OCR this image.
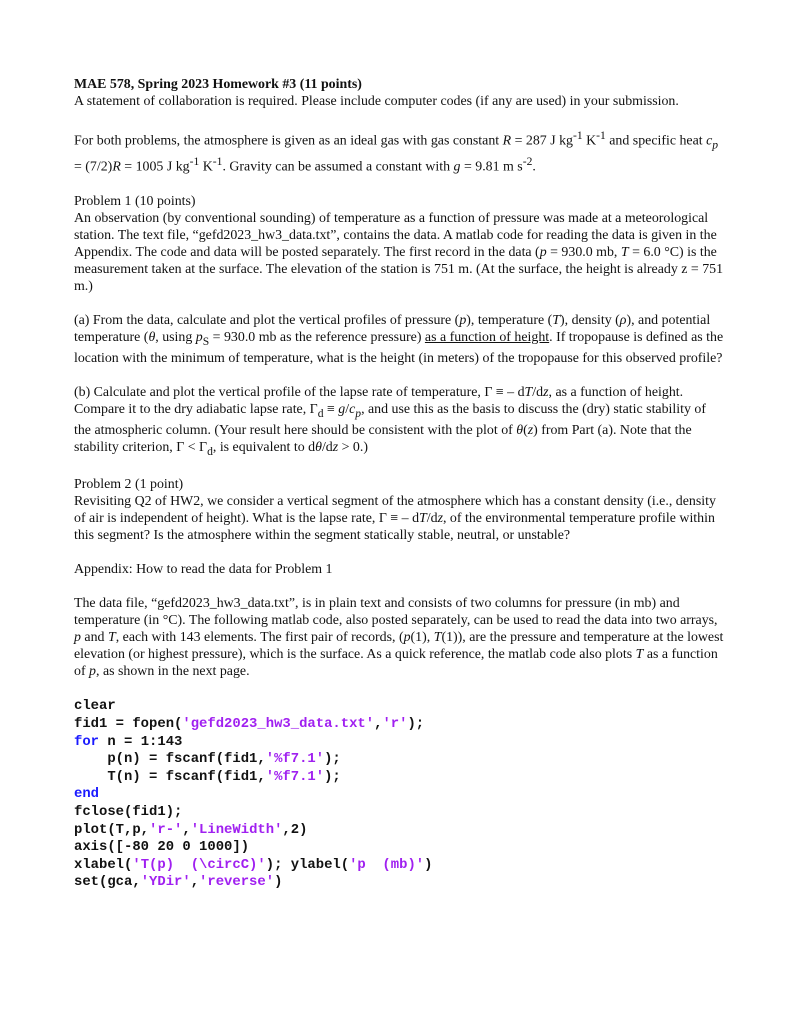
MAE 578, Spring 2023 Homework #3 (11 points)

A statement of collaboration is required. Please include computer codes (if any are used) in your submission.

For both problems, the atmosphere is given as an ideal gas with gas constant R = 287 J $kg^{-1}$ $K^{-1}$ and specific heat $c_p = (7/2)R = 1005$ J $kg^{-1}$ $K^{-1}$. Gravity can be assumed a constant with g = 9.81 m $s^{-2}$.

Problem 1 (10 points)

An observation (by conventional sounding) of temperature as a function of pressure was made at a meteorological station. The text file, “gefd2023_hw3_data.txt”, contains the data. A matlab code for reading the data is given in the Appendix. The code and data will be posted separately. The first record in the data (p = 930.0 mb, T = 6.0 °C) is the measurement taken at the surface. The elevation of the station is 751 m. (At the surface, the height is already z = 751 m.)

(a) From the data, calculate and plot the vertical profiles of pressure (p), temperature (T), density (ρ), and potential temperature (θ, using $p_S = 930.0$ mb as the reference pressure) as a function of height. If tropopause is defined as the location with the minimum of temperature, what is the height (in meters) of the tropopause for this observed profile?

(b) Calculate and plot the vertical profile of the lapse rate of temperature, Γ ≡ – dT/dz, as a function of height. Compare it to the dry adiabatic lapse rate, $\Gamma_d \equiv g/c_p$, and use this as the basis to discuss the (dry) static stability of the atmospheric column. (Your result here should be consistent with the plot of θ(z) from Part (a). Note that the stability criterion, $\Gamma < \Gamma_d$, is equivalent to dθ/dz > 0.)

Problem 2 (1 point)

Revisiting Q2 of HW2, we consider a vertical segment of the atmosphere which has a constant density (i.e., density of air is independent of height). What is the lapse rate, Γ ≡ – dT/dz, of the environmental temperature profile within this segment? Is the atmosphere within the segment statically stable, neutral, or unstable?

Appendix: How to read the data for Problem 1

The data file, “gefd2023_hw3_data.txt”, is in plain text and consists of two columns for pressure (in mb) and temperature (in °C). The following matlab code, also posted separately, can be used to read the data into two arrays, p and T, each with 143 elements. The first pair of records, (p(1), T(1)), are the pressure and temperature at the lowest elevation (or highest pressure), which is the surface. As a quick reference, the matlab code also plots T as a function of p, as shown in the next page.

clear
fid1 = fopen('gefd2023_hw3_data.txt','r');
for n = 1:143
p(n) = fscanf(fid1,'%f7.1');
T(n) = fscanf(fid1,'%f7.1');
end
fclose(fid1);
plot(T,p,'r-','LineWidth',2)
axis([-80 20 0 1000])
xlabel('T(p)  (\circC)'); ylabel('p  (mb)')
set(gca,'YDir','reverse')
